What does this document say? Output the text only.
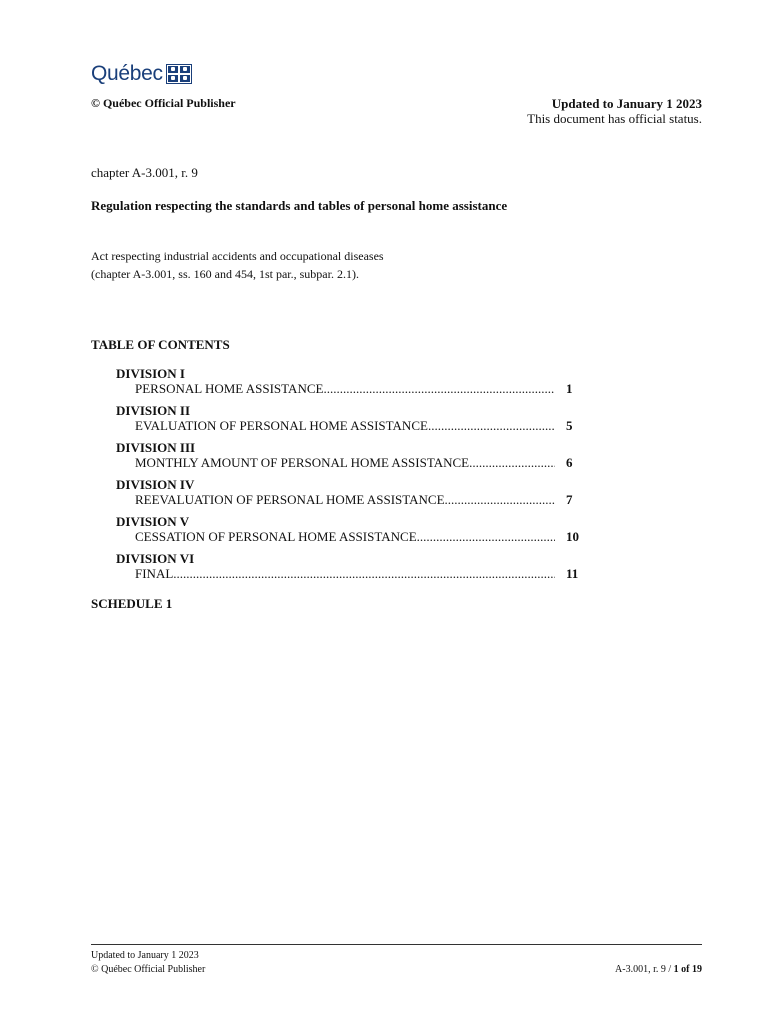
Québec
© Québec Official Publisher	Updated to January 1 2023
This document has official status.
chapter A-3.001, r. 9
Regulation respecting the standards and tables of personal home assistance
Act respecting industrial accidents and occupational diseases
(chapter A-3.001, ss. 160 and 454, 1st par., subpar. 2.1).
TABLE OF CONTENTS
DIVISION I
PERSONAL HOME ASSISTANCE .....	1
DIVISION II
EVALUATION OF PERSONAL HOME ASSISTANCE .....	5
DIVISION III
MONTHLY AMOUNT OF PERSONAL HOME ASSISTANCE .....	6
DIVISION IV
REEVALUATION OF PERSONAL HOME ASSISTANCE .....	7
DIVISION V
CESSATION OF PERSONAL HOME ASSISTANCE .....	10
DIVISION VI
FINAL .....	11
SCHEDULE 1
Updated to January 1 2023
© Québec Official Publisher	A-3.001, r. 9 / 1 of 19
